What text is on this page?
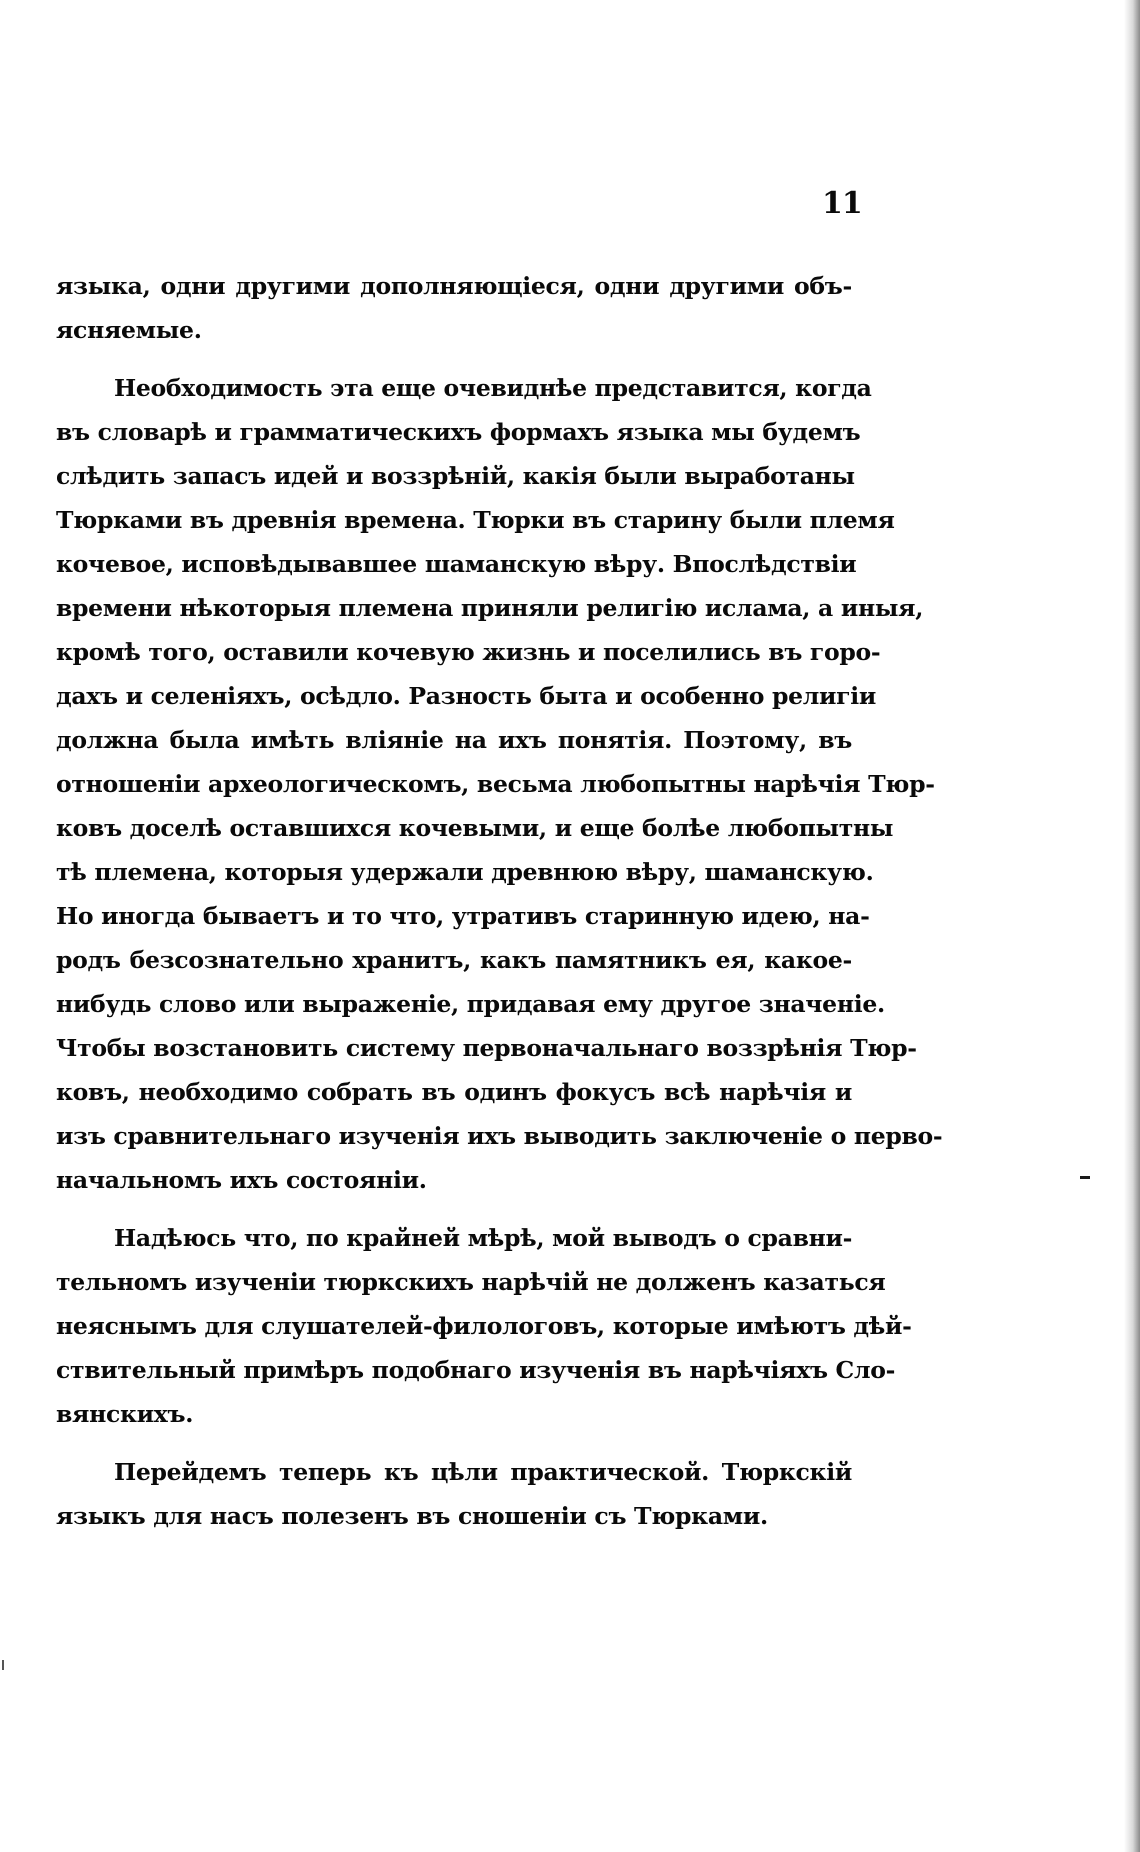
11
языка, одни другими дополняющіеся, одни другими объ-
ясняемые.
Необходимость эта еще очевиднѣе представится, когда
въ словарѣ и грамматическихъ формахъ языка мы будемъ
слѣдить запасъ идей и воззрѣній, какія были выработаны
Тюрками въ древнія времена. Тюрки въ старину были племя
кочевое, исповѣдывавшее шаманскую вѣру. Впослѣдствіи
времени нѣкоторыя племена приняли религію ислама, а иныя,
кромѣ того, оставили кочевую жизнь и поселились въ горо-
дахъ и селеніяхъ, осѣдло. Разность быта и особенно религіи
должна была имѣть вліяніе на ихъ понятія. Поэтому, въ
отношеніи археологическомъ, весьма любопытны нарѣчія Тюр-
ковъ доселѣ оставшихся кочевыми, и еще болѣе любопытны
тѣ племена, которыя удержали древнюю вѣру, шаманскую.
Но иногда бываетъ и то что, утративъ старинную идею, на-
родъ безсознательно хранитъ, какъ памятникъ ея, какое-
нибудь слово или выраженіе, придавая ему другое значеніе.
Чтобы возстановить систему первоначальнаго воззрѣнія Тюр-
ковъ, необходимо собрать въ одинъ фокусъ всѣ нарѣчія и
изъ сравнительнаго изученія ихъ выводить заключеніе о перво-
начальномъ ихъ состояніи.
Надѣюсь что, по крайней мѣрѣ, мой выводъ о сравни-
тельномъ изученіи тюркскихъ нарѣчій не долженъ казаться
неяснымъ для слушателей-филологовъ, которые имѣютъ дѣй-
ствительный примѣръ подобнаго изученія въ нарѣчіяхъ Сло-
вянскихъ.
Перейдемъ теперь къ цѣли практической. Тюркскій
языкъ для насъ полезенъ въ сношеніи съ Тюрками.
